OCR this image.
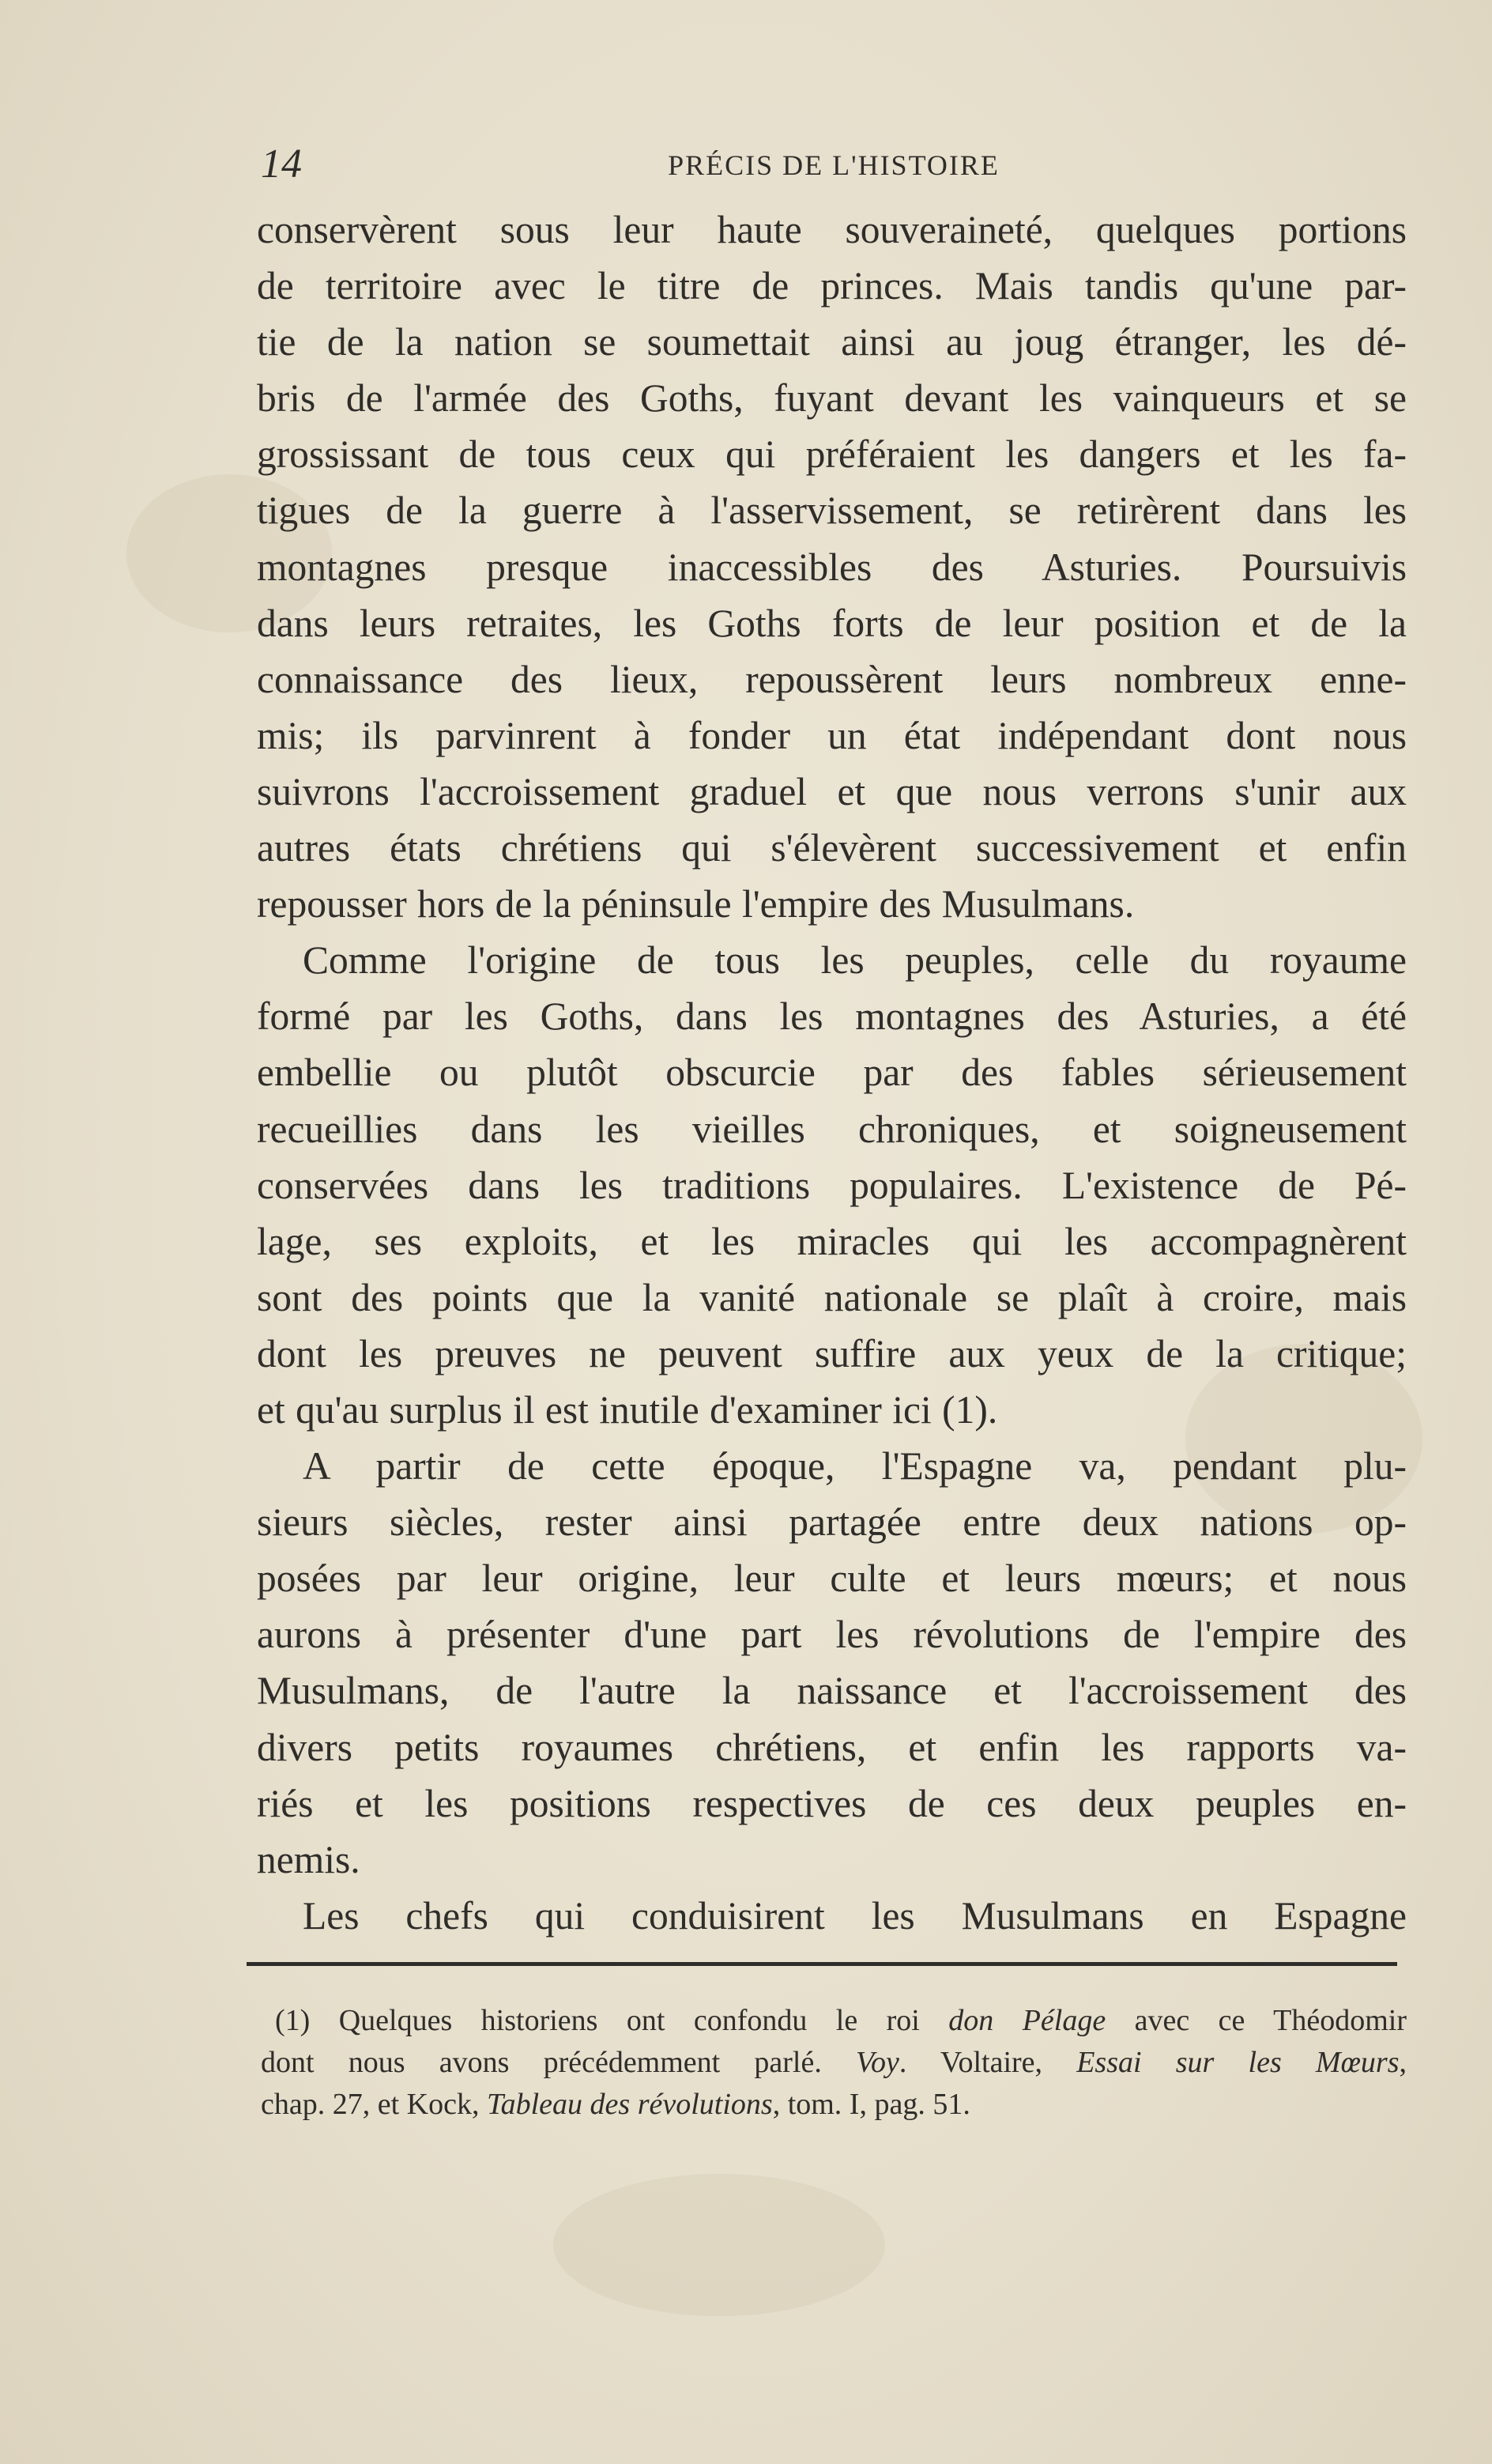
14	PRÉCIS DE L'HISTOIRE
conservèrent sous leur haute souveraineté, quelques portions
de territoire avec le titre de princes. Mais tandis qu'une par-
tie de la nation se soumettait ainsi au joug étranger, les dé-
bris de l'armée des Goths, fuyant devant les vainqueurs et se
grossissant de tous ceux qui préféraient les dangers et les fa-
tigues de la guerre à l'asservissement, se retirèrent dans les
montagnes presque inaccessibles des Asturies. Poursuivis
dans leurs retraites, les Goths forts de leur position et de la
connaissance des lieux, repoussèrent leurs nombreux enne-
mis; ils parvinrent à fonder un état indépendant dont nous
suivrons l'accroissement graduel et que nous verrons s'unir aux
autres états chrétiens qui s'élevèrent successivement et enfin
repousser hors de la péninsule l'empire des Musulmans.
Comme l'origine de tous les peuples, celle du royaume
formé par les Goths, dans les montagnes des Asturies, a été
embellie ou plutôt obscurcie par des fables sérieusement
recueillies dans les vieilles chroniques, et soigneusement
conservées dans les traditions populaires. L'existence de Pé-
lage, ses exploits, et les miracles qui les accompagnèrent
sont des points que la vanité nationale se plaît à croire, mais
dont les preuves ne peuvent suffire aux yeux de la critique;
et qu'au surplus il est inutile d'examiner ici (1).
A partir de cette époque, l'Espagne va, pendant plu-
sieurs siècles, rester ainsi partagée entre deux nations op-
posées par leur origine, leur culte et leurs mœurs; et nous
aurons à présenter d'une part les révolutions de l'empire des
Musulmans, de l'autre la naissance et l'accroissement des
divers petits royaumes chrétiens, et enfin les rapports va-
riés et les positions respectives de ces deux peuples en-
nemis.
Les chefs qui conduisirent les Musulmans en Espagne
(1) Quelques historiens ont confondu le roi don Pélage avec ce Théodomir
dont nous avons précédemment parlé. Voy. Voltaire, Essai sur les Mœurs,
chap. 27, et Kock, Tableau des révolutions, tom. I, pag. 51.
